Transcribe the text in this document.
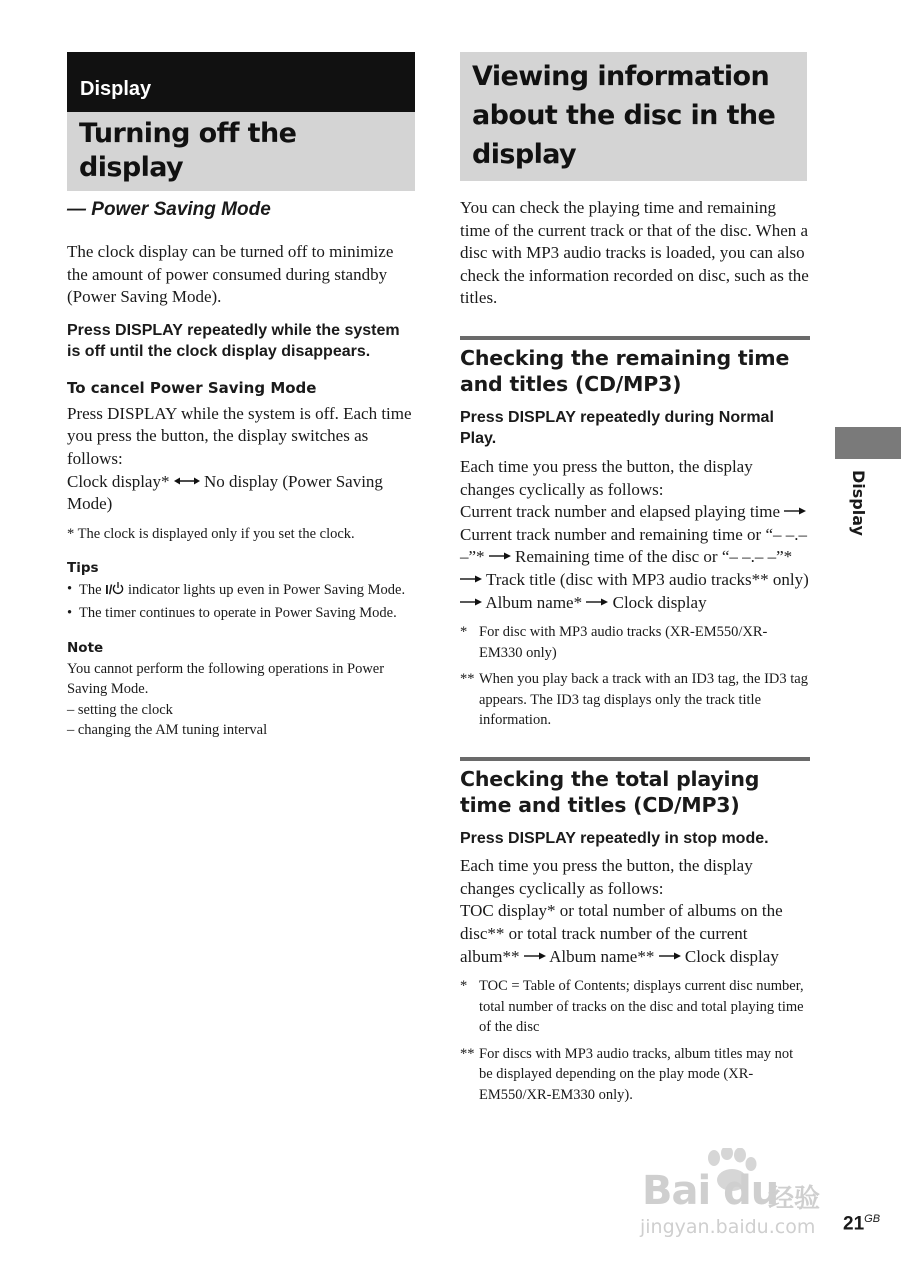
Display
Turning off the display
— Power Saving Mode

The clock display can be turned off to minimize the amount of power consumed during standby (Power Saving Mode).

Press DISPLAY repeatedly while the system is off until the clock display disappears.

To cancel Power Saving Mode

Press DISPLAY while the system is off. Each time you press the button, the display switches as follows:

Clock display* No display (Power Saving Mode)

* The clock is displayed only if you set the clock.

Tips
• The I/ indicator lights up even in Power Saving Mode.
• The timer continues to operate in Power Saving Mode.
Note

You cannot perform the following operations in Power Saving Mode.

– setting the clock

– changing the AM tuning interval

Viewing information about the disc in the display

You can check the playing time and remaining time of the current track or that of the disc. When a disc with MP3 audio tracks is loaded, you can also check the information recorded on disc, such as the titles.

Checking the remaining time and titles (CD/MP3)

Press DISPLAY repeatedly during Normal Play.

Each time you press the button, the display changes cyclically as follows:

Current track number and elapsed playing time  Current track number and remaining time or “– –.– –”* Remaining time of the disc or “– –.– –”*  Track title (disc with MP3 audio tracks** only)  Album name* Clock display

* For disc with MP3 audio tracks (XR-EM550/XR-EM330 only)
** When you play back a track with an ID3 tag, the ID3 tag appears. The ID3 tag displays only the track title information.
Checking the total playing time and titles (CD/MP3)

Press DISPLAY repeatedly in stop mode.

Each time you press the button, the display changes cyclically as follows:

TOC display* or total number of albums on the disc** or total track number of the current album** Album name** Clock display

* TOC = Table of Contents; displays current disc number, total number of tracks on the disc and total playing time of the disc
** For discs with MP3 audio tracks, album titles may not be displayed depending on the play mode (XR-EM550/XR-EM330 only).
Display
Bai du
经验
jingyan.baidu.com $21^{GB}$
